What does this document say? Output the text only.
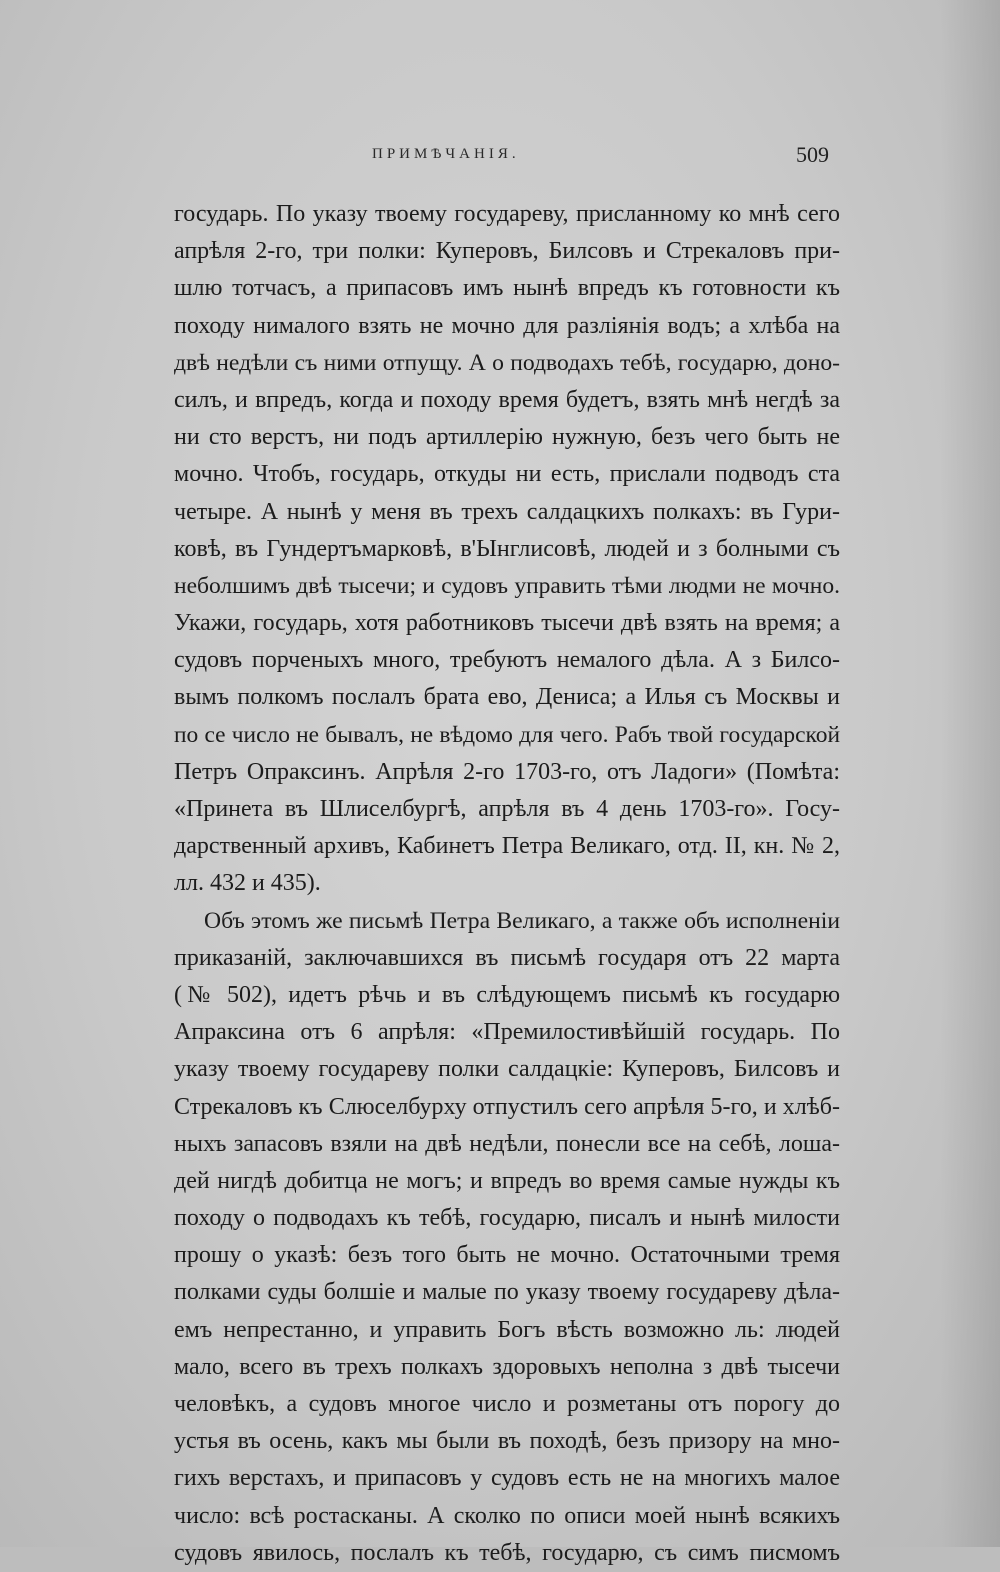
ПРИМѢЧАНІЯ.	509
государь. По указу твоему государеву, присланному ко мнѣ сего
апрѣля 2-го, три полки: Куперовъ, Билсовъ и Стрекаловъ при-
шлю тотчасъ, а припасовъ имъ нынѣ впредъ къ готовности къ
походу нималого взять не мочно для разлiянiя водъ; а хлѣба на
двѣ недѣли съ ними отпущу. А о подводахъ тебѣ, государю, доно-
силъ, и впредъ, когда и походу время будетъ, взять мнѣ негдѣ за
ни сто верстъ, ни подъ артиллерiю нужную, безъ чего быть не
мочно. Чтобъ, государь, откуды ни есть, прислали подводъ ста
четыре. А нынѣ у меня въ трехъ салдацкихъ полкахъ: въ Гури-
ковѣ, въ Гундертъмарковѣ, в'Ынглисовѣ, людей и з болными съ
неболшимъ двѣ тысечи; и судовъ управить тѣми людми не мочно.
Укажи, государь, хотя работниковъ тысечи двѣ взять на время; а
судовъ порченыхъ много, требуютъ немалого дѣла. А з Билсо-
вымъ полкомъ послалъ брата ево, Дениса; а Илья съ Москвы и
по се число не бывалъ, не вѣдомо для чего. Рабъ твой государской
Петръ Опраксинъ. Апрѣля 2-го 1703-го, отъ Ладоги» (Помѣта:
«Принета въ Шлиселбургѣ, апрѣля въ 4 день 1703-го». Госу-
дарственный архивъ, Кабинетъ Петра Великаго, отд. II, кн. № 2,
лл. 432 и 435).
Объ этомъ же письмѣ Петра Великаго, а также объ исполненiи
приказанiй, заключавшихся въ письмѣ государя отъ 22 марта
(№ 502), идетъ рѣчь и въ слѣдующемъ письмѣ къ государю
Апраксина отъ 6 апрѣля: «Премилостивѣйшiй государь. По
указу твоему государеву полки салдацкiе: Куперовъ, Билсовъ и
Стрекаловъ къ Слюселбурху отпустилъ сего апрѣля 5-го, и хлѣб-
ныхъ запасовъ взяли на двѣ недѣли, понесли все на себѣ, лоша-
дей нигдѣ добитца не могъ; и впредъ во время самые нужды къ
походу о подводахъ къ тебѣ, государю, писалъ и нынѣ милости
прошу о указѣ: безъ того быть не мочно. Остаточными тремя
полками суды болшiе и малые по указу твоему государеву дѣла-
емъ непрестанно, и управить Богъ вѣсть возможно ль: людей
мало, всего въ трехъ полкахъ здоровыхъ неполна з двѣ тысечи
человѣкъ, а судовъ многое число и розметаны отъ порогу до
устья въ осень, какъ мы были въ походѣ, безъ призору на мно-
гихъ верстахъ, и припасовъ у судовъ есть не на многихъ малое
число: всѣ ростасканы. А сколко по описи моей нынѣ всякихъ
судовъ явилось, послалъ къ тебѣ, государю, съ симъ писмомъ
